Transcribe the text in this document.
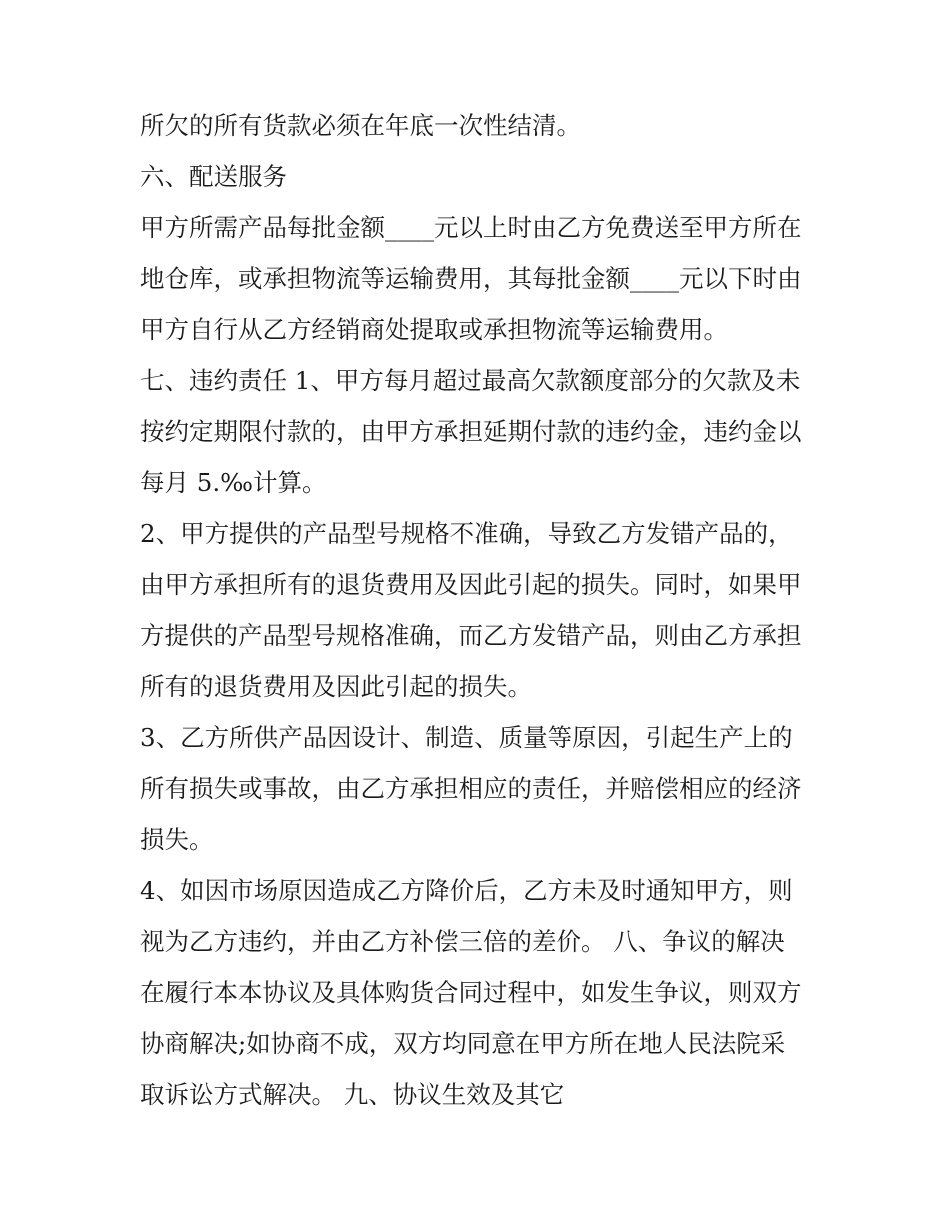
所欠的所有货款必须在年底一次性结清。
六、配送服务
甲方所需产品每批金额____元以上时由乙方免费送至甲方所在
地仓库，或承担物流等运输费用，其每批金额____元以下时由
甲方自行从乙方经销商处提取或承担物流等运输费用。
七、违约责任 1、甲方每月超过最高欠款额度部分的欠款及未
按约定期限付款的，由甲方承担延期付款的违约金，违约金以
每月 5.‰计算。
2、甲方提供的产品型号规格不准确，导致乙方发错产品的，
由甲方承担所有的退货费用及因此引起的损失。同时，如果甲
方提供的产品型号规格准确，而乙方发错产品，则由乙方承担
所有的退货费用及因此引起的损失。
3、乙方所供产品因设计、制造、质量等原因，引起生产上的
所有损失或事故，由乙方承担相应的责任，并赔偿相应的经济
损失。
4、如因市场原因造成乙方降价后，乙方未及时通知甲方，则
视为乙方违约，并由乙方补偿三倍的差价。 八、争议的解决
在履行本本协议及具体购货合同过程中，如发生争议，则双方
协商解决;如协商不成，双方均同意在甲方所在地人民法院采
取诉讼方式解决。 九、协议生效及其它
